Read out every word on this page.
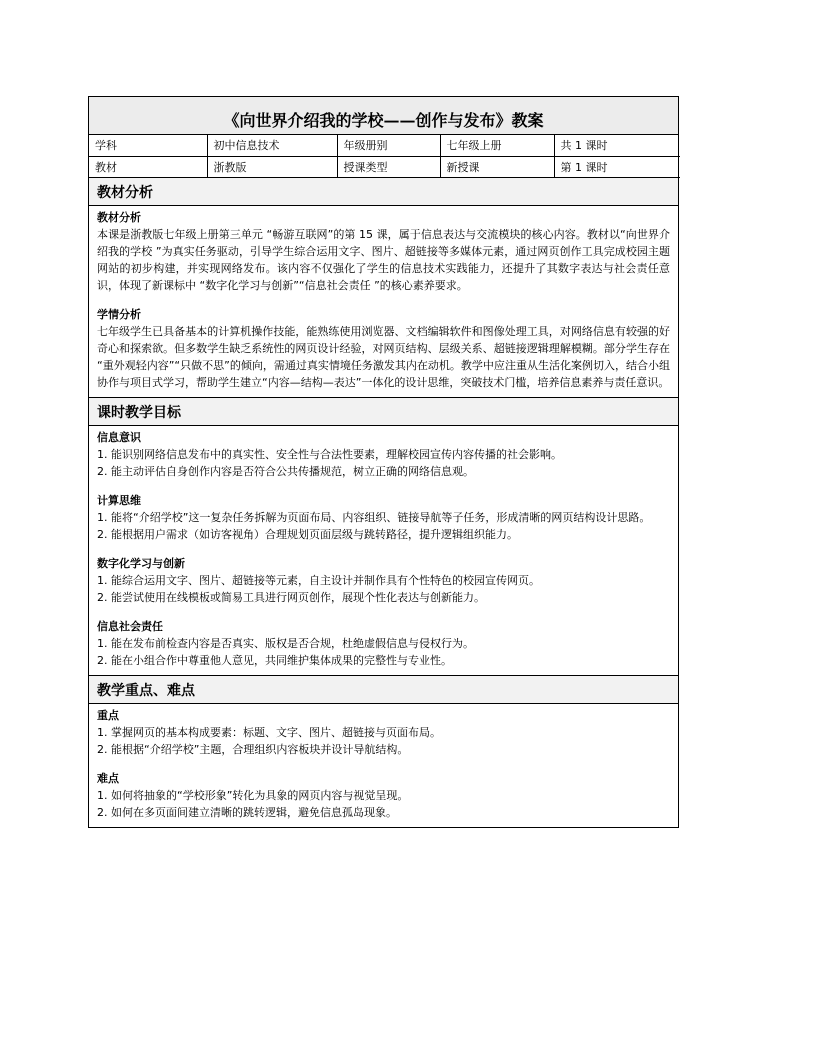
《向世界介绍我的学校——创作与发布》教案
学科	初中信息技术	年级册别	七年级上册	共 1 课时
教材	浙教版	授课类型	新授课	第 1 课时
教材分析
教材分析
本课是浙教版七年级上册第三单元 “畅游互联网”的第 15 课，属于信息表达与交流模块的核心内容。教材以“向世界介绍我的学校 ”为真实任务驱动，引导学生综合运用文字、图片、超链接等多媒体元素，通过网页创作工具完成校园主题网站的初步构建，并实现网络发布。该内容不仅强化了学生的信息技术实践能力，还提升了其数字表达与社会责任意识，体现了新课标中 “数字化学习与创新”“信息社会责任 ”的核心素养要求。
学情分析
七年级学生已具备基本的计算机操作技能，能熟练使用浏览器、文档编辑软件和图像处理工具，对网络信息有较强的好奇心和探索欲。但多数学生缺乏系统性的网页设计经验，对网页结构、层级关系、超链接逻辑理解模糊。部分学生存在 “重外观轻内容”“只做不思”的倾向，需通过真实情境任务激发其内在动机。教学中应注重从生活化案例切入，结合小组协作与项目式学习，帮助学生建立“内容—结构—表达”一体化的设计思维，突破技术门槛，培养信息素养与责任意识。
课时教学目标
信息意识
1. 能识别网络信息发布中的真实性、安全性与合法性要素，理解校园宣传内容传播的社会影响。
2. 能主动评估自身创作内容是否符合公共传播规范，树立正确的网络信息观。
计算思维
1. 能将“介绍学校”这一复杂任务拆解为页面布局、内容组织、链接导航等子任务，形成清晰的网页结构设计思路。
2. 能根据用户需求（如访客视角）合理规划页面层级与跳转路径，提升逻辑组织能力。
数字化学习与创新
1. 能综合运用文字、图片、超链接等元素，自主设计并制作具有个性特色的校园宣传网页。
2. 能尝试使用在线模板或简易工具进行网页创作，展现个性化表达与创新能力。
信息社会责任
1. 能在发布前检查内容是否真实、版权是否合规，杜绝虚假信息与侵权行为。
2. 能在小组合作中尊重他人意见，共同维护集体成果的完整性与专业性。
教学重点、难点
重点
1. 掌握网页的基本构成要素：标题、文字、图片、超链接与页面布局。
2. 能根据“介绍学校”主题，合理组织内容板块并设计导航结构。
难点
1. 如何将抽象的“学校形象”转化为具象的网页内容与视觉呈现。
2. 如何在多页面间建立清晰的跳转逻辑，避免信息孤岛现象。
